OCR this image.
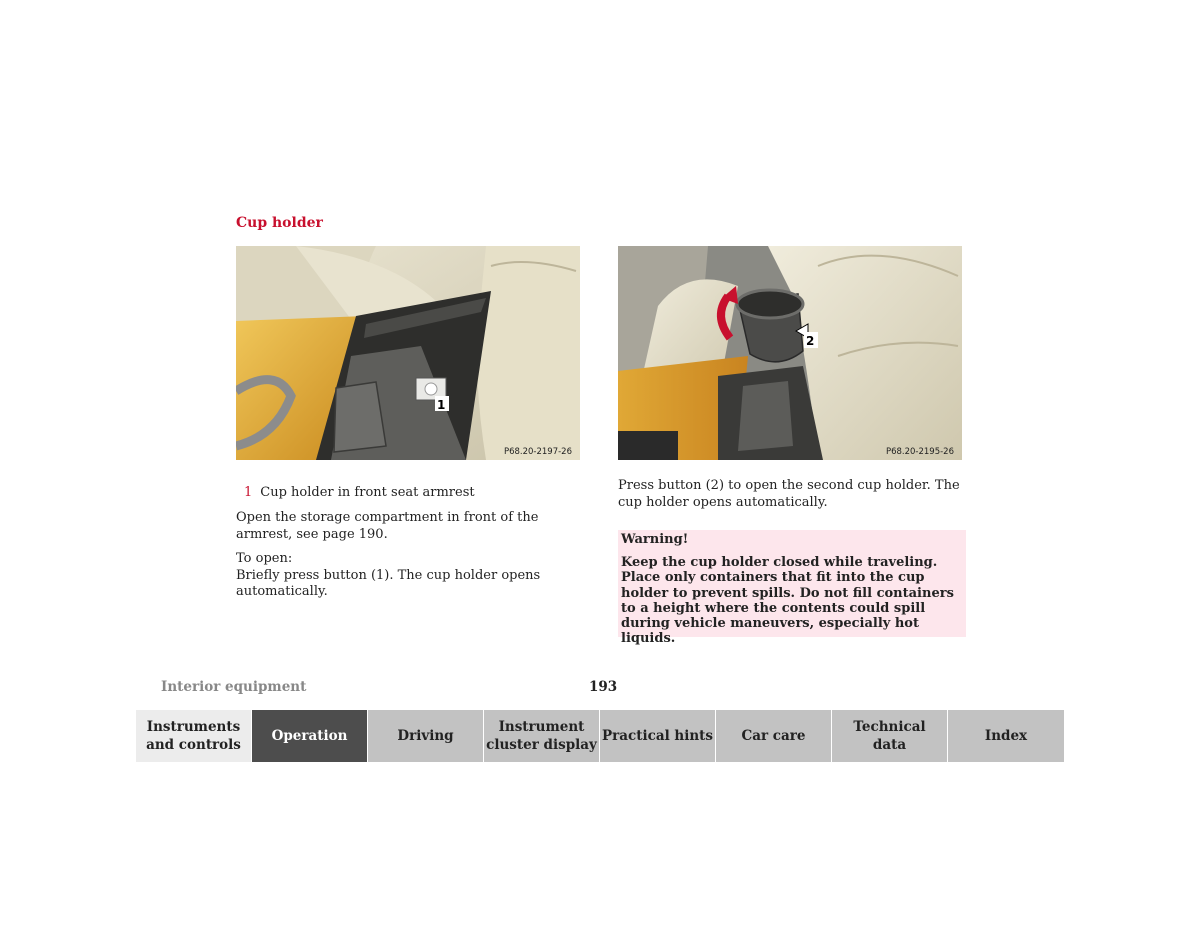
Cup holder
1
P68.20-2197-26
2
P68.20-2195-26
1 Cup holder in front seat armrest
Open the storage compartment in front of the armrest, see page 190.
To open:
Briefly press button (1). The cup holder opens automatically.
Press button (2) to open the second cup holder. The cup holder opens automatically.
Warning!
Keep the cup holder closed while traveling. Place only containers that fit into the cup holder to prevent spills. Do not fill containers to a height where the contents could spill during vehicle maneuvers, especially hot liquids.
Interior equipment	193
Instruments
and controls
Operation	Driving
Instrument
cluster display
Practical hints Car care
Technical
data
Index
